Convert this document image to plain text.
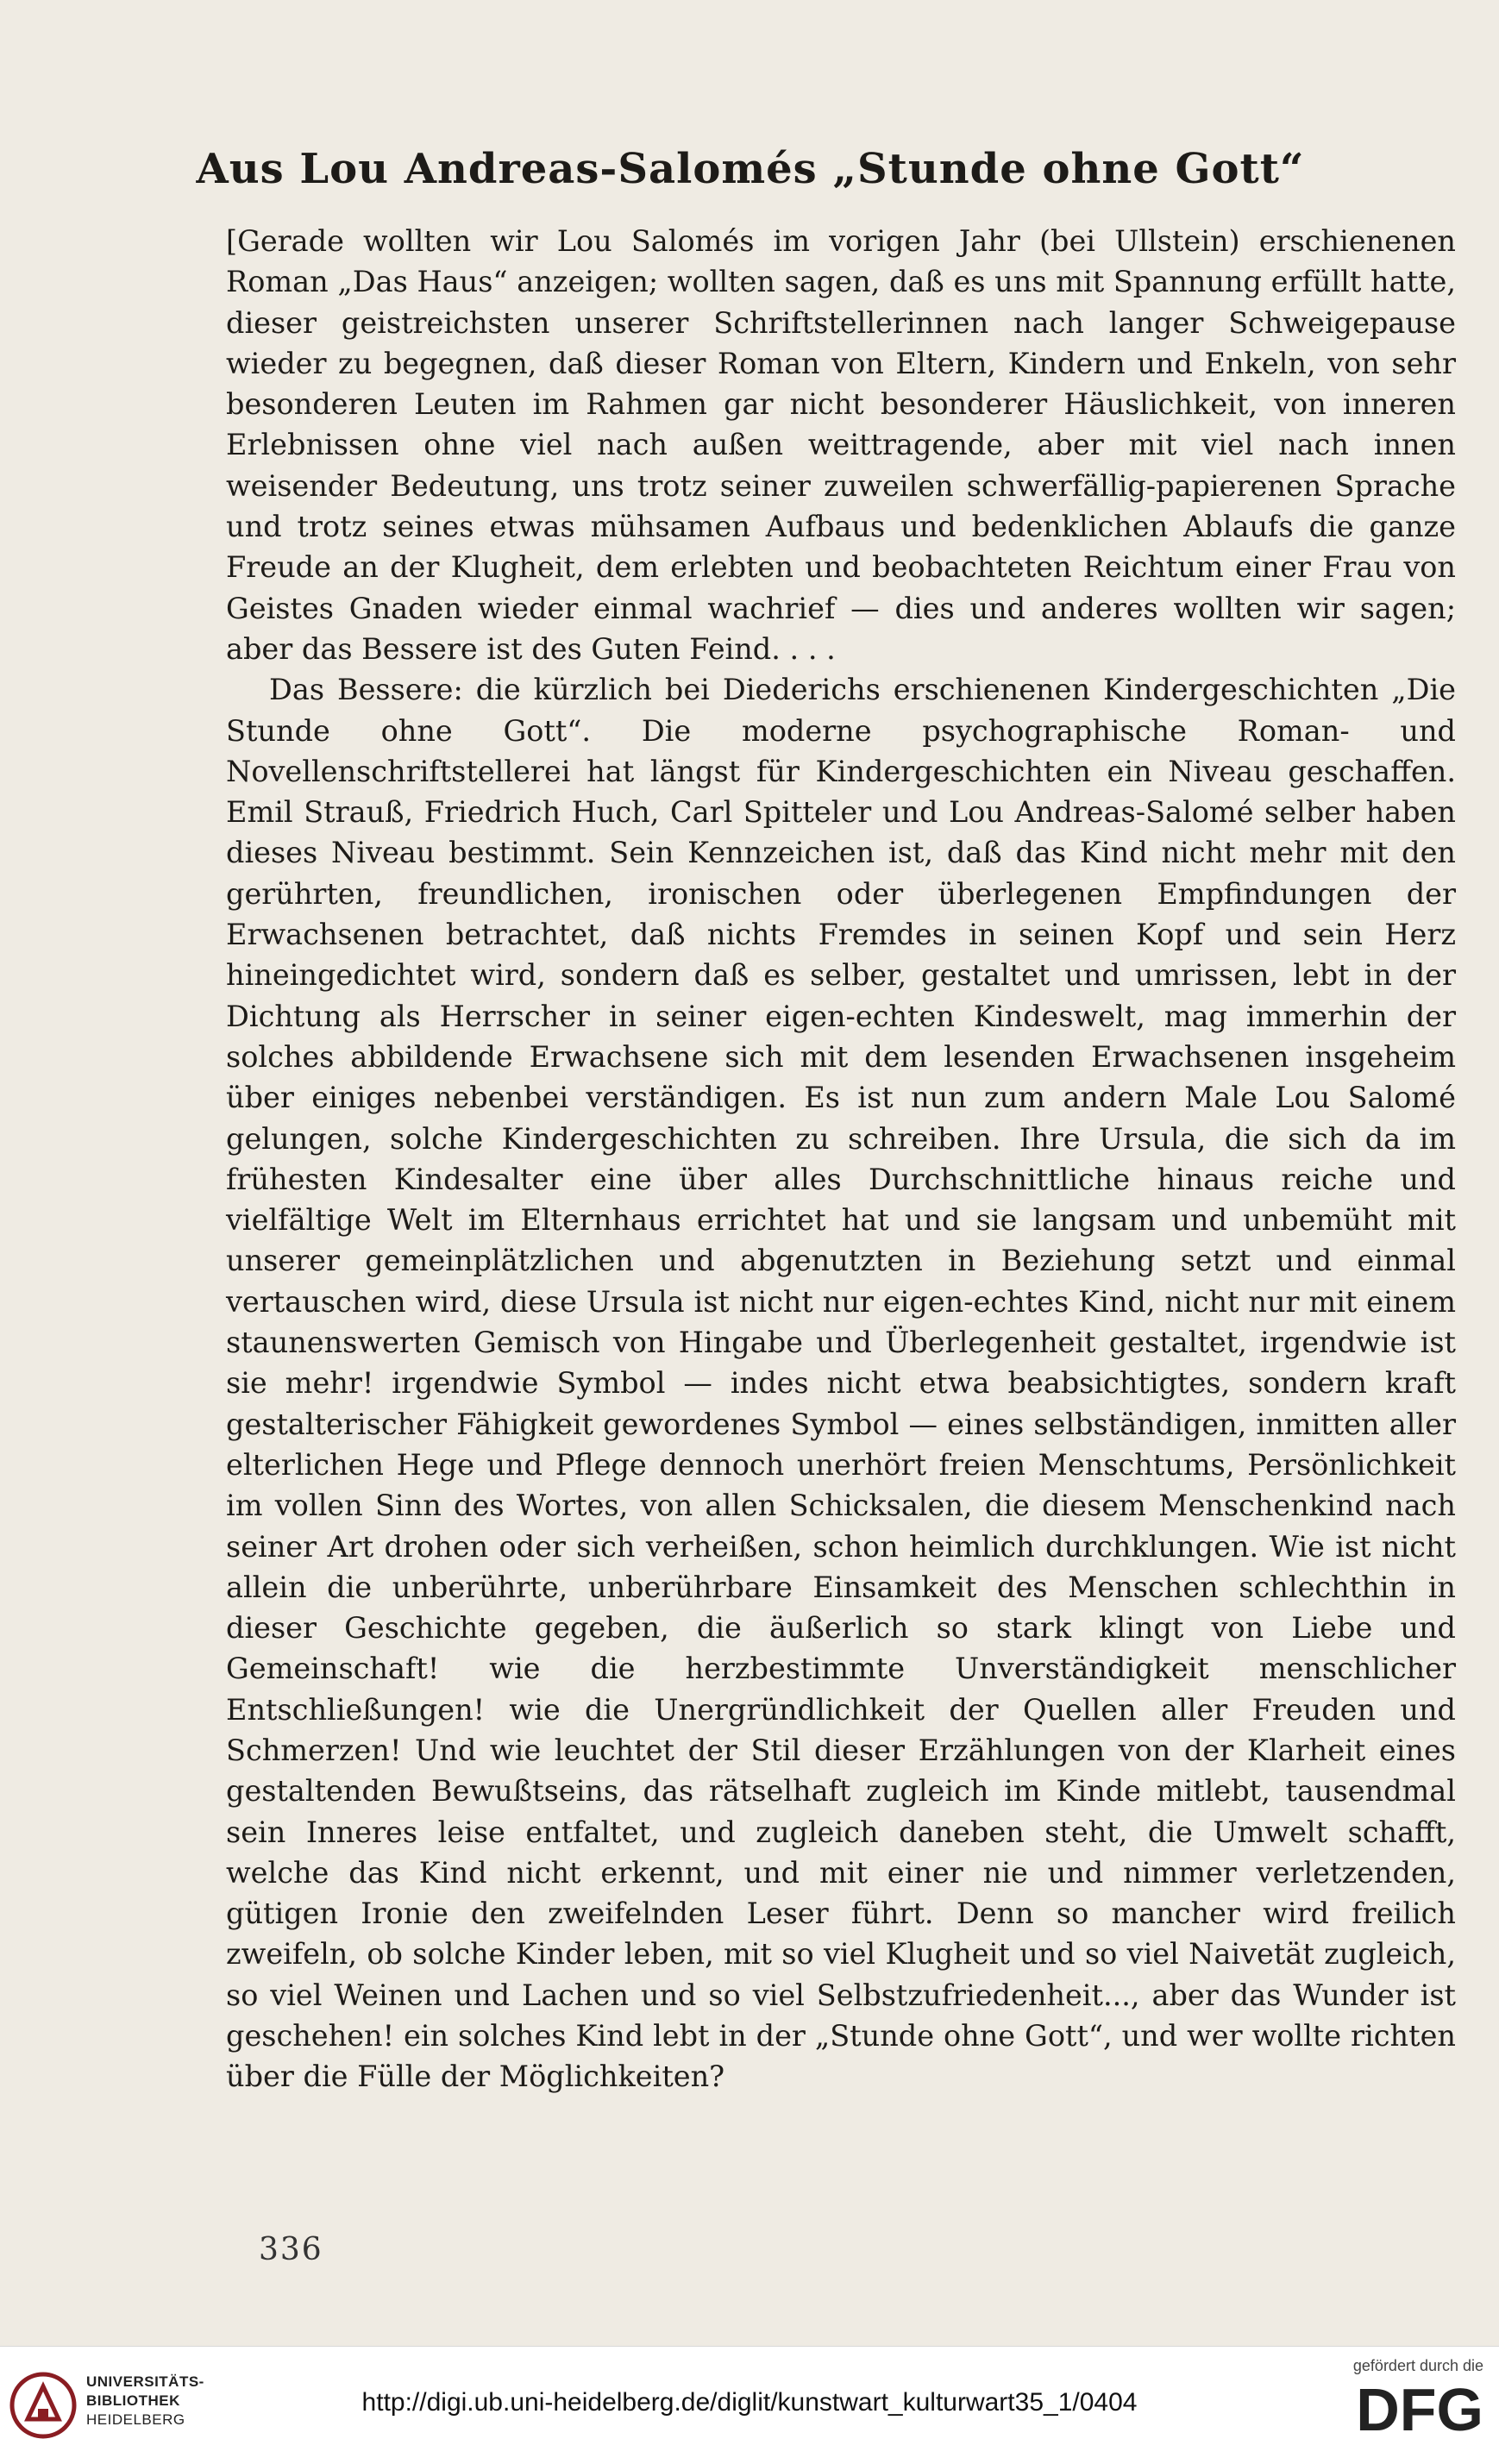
Aus Lou Andreas-Salomés „Stunde ohne Gott“

[Gerade wollten wir Lou Salomés im vorigen Jahr (bei Ullstein) erschienenen Roman „Das Haus“ anzeigen; wollten sagen, daß es uns mit Spannung erfüllt hatte, dieser geistreichsten unserer Schriftstellerinnen nach langer Schweigepause wieder zu begegnen, daß dieser Roman von Eltern, Kindern und Enkeln, von sehr besonderen Leuten im Rahmen gar nicht besonderer Häuslichkeit, von inneren Erlebnissen ohne viel nach außen weittragende, aber mit viel nach innen weisender Bedeutung, uns trotz seiner zuweilen schwerfällig-papierenen Sprache und trotz seines etwas mühsamen Aufbaus und bedenklichen Ablaufs die ganze Freude an der Klugheit, dem erlebten und beobachteten Reichtum einer Frau von Geistes Gnaden wieder einmal wachrief — dies und anderes wollten wir sagen; aber das Bessere ist des Guten Feind. . . .

Das Bessere: die kürzlich bei Diederichs erschienenen Kindergeschichten „Die Stunde ohne Gott“. Die moderne psychographische Roman- und Novellenschriftstellerei hat längst für Kindergeschichten ein Niveau geschaffen. Emil Strauß, Friedrich Huch, Carl Spitteler und Lou Andreas-Salomé selber haben dieses Niveau bestimmt. Sein Kennzeichen ist, daß das Kind nicht mehr mit den gerührten, freundlichen, ironischen oder überlegenen Empfindungen der Erwachsenen betrachtet, daß nichts Fremdes in seinen Kopf und sein Herz hineingedichtet wird, sondern daß es selber, gestaltet und umrissen, lebt in der Dichtung als Herrscher in seiner eigen-echten Kindeswelt, mag immerhin der solches abbildende Erwachsene sich mit dem lesenden Erwachsenen insgeheim über einiges nebenbei verständigen. Es ist nun zum andern Male Lou Salomé gelungen, solche Kindergeschichten zu schreiben. Ihre Ursula, die sich da im frühesten Kindesalter eine über alles Durchschnittliche hinaus reiche und vielfältige Welt im Elternhaus errichtet hat und sie langsam und unbemüht mit unserer gemeinplätzlichen und abgenutzten in Beziehung setzt und einmal vertauschen wird, diese Ursula ist nicht nur eigen-echtes Kind, nicht nur mit einem staunenswerten Gemisch von Hingabe und Überlegenheit gestaltet, irgendwie ist sie mehr! irgendwie Symbol — indes nicht etwa beabsichtigtes, sondern kraft gestalterischer Fähigkeit gewordenes Symbol — eines selbständigen, inmitten aller elterlichen Hege und Pflege dennoch unerhört freien Menschtums, Persönlichkeit im vollen Sinn des Wortes, von allen Schicksalen, die diesem Menschenkind nach seiner Art drohen oder sich verheißen, schon heimlich durchklungen. Wie ist nicht allein die unberührte, unberührbare Einsamkeit des Menschen schlechthin in dieser Geschichte gegeben, die äußerlich so stark klingt von Liebe und Gemeinschaft! wie die herzbestimmte Unverständigkeit menschlicher Entschließungen! wie die Unergründlichkeit der Quellen aller Freuden und Schmerzen! Und wie leuchtet der Stil dieser Erzählungen von der Klarheit eines gestaltenden Bewußtseins, das rätselhaft zugleich im Kinde mitlebt, tausendmal sein Inneres leise entfaltet, und zugleich daneben steht, die Umwelt schafft, welche das Kind nicht erkennt, und mit einer nie und nimmer verletzenden, gütigen Ironie den zweifelnden Leser führt. Denn so mancher wird freilich zweifeln, ob solche Kinder leben, mit so viel Klugheit und so viel Naivetät zugleich, so viel Weinen und Lachen und so viel Selbstzufriedenheit..., aber das Wunder ist geschehen! ein solches Kind lebt in der „Stunde ohne Gott“, und wer wollte richten über die Fülle der Möglichkeiten?

336
UNIVERSITÄTS-
BIBLIOTHEK
HEIDELBERG
http://digi.ub.uni-heidelberg.de/diglit/kunstwart_kulturwart35_1/0404
gefördert durch die
DFG
